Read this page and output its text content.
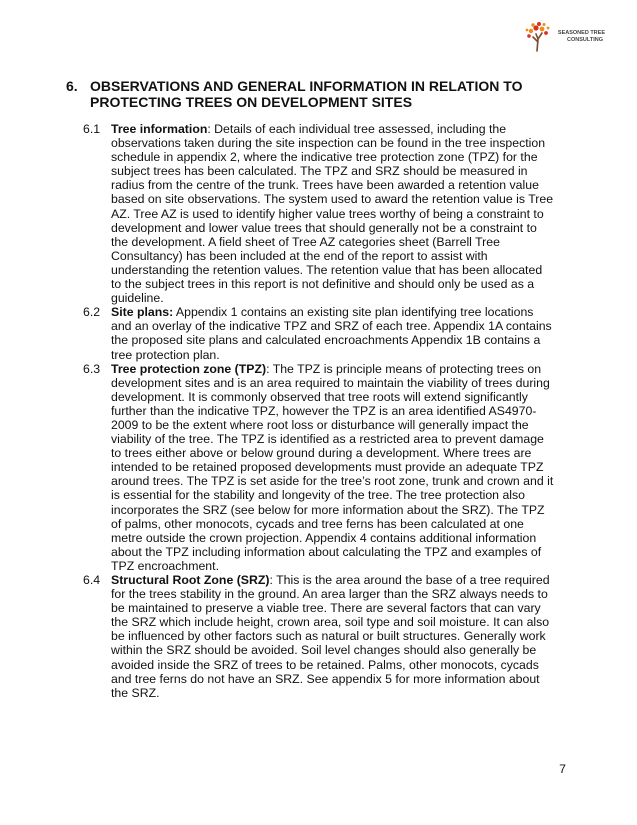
SEASONED TREE
CONSULTING
6. OBSERVATIONS AND GENERAL INFORMATION IN RELATION TO
PROTECTING TREES ON DEVELOPMENT SITES
6.1 Tree information: Details of each individual tree assessed, including the
observations taken during the site inspection can be found in the tree inspection
schedule in appendix 2, where the indicative tree protection zone (TPZ) for the
subject trees has been calculated. The TPZ and SRZ should be measured in
radius from the centre of the trunk. Trees have been awarded a retention value
based on site observations. The system used to award the retention value is Tree
AZ. Tree AZ is used to identify higher value trees worthy of being a constraint to
development and lower value trees that should generally not be a constraint to
the development. A field sheet of Tree AZ categories sheet (Barrell Tree
Consultancy) has been included at the end of the report to assist with
understanding the retention values. The retention value that has been allocated
to the subject trees in this report is not definitive and should only be used as a
guideline.
6.2 Site plans: Appendix 1 contains an existing site plan identifying tree locations
and an overlay of the indicative TPZ and SRZ of each tree. Appendix 1A contains
the proposed site plans and calculated encroachments Appendix 1B contains a
tree protection plan.
6.3 Tree protection zone (TPZ): The TPZ is principle means of protecting trees on
development sites and is an area required to maintain the viability of trees during
development. It is commonly observed that tree roots will extend significantly
further than the indicative TPZ, however the TPZ is an area identified AS4970-
2009 to be the extent where root loss or disturbance will generally impact the
viability of the tree. The TPZ is identified as a restricted area to prevent damage
to trees either above or below ground during a development. Where trees are
intended to be retained proposed developments must provide an adequate TPZ
around trees. The TPZ is set aside for the tree’s root zone, trunk and crown and it
is essential for the stability and longevity of the tree. The tree protection also
incorporates the SRZ (see below for more information about the SRZ). The TPZ
of palms, other monocots, cycads and tree ferns has been calculated at one
metre outside the crown projection. Appendix 4 contains additional information
about the TPZ including information about calculating the TPZ and examples of
TPZ encroachment.
6.4 Structural Root Zone (SRZ): This is the area around the base of a tree required
for the trees stability in the ground. An area larger than the SRZ always needs to
be maintained to preserve a viable tree. There are several factors that can vary
the SRZ which include height, crown area, soil type and soil moisture. It can also
be influenced by other factors such as natural or built structures. Generally work
within the SRZ should be avoided. Soil level changes should also generally be
avoided inside the SRZ of trees to be retained. Palms, other monocots, cycads
and tree ferns do not have an SRZ. See appendix 5 for more information about
the SRZ.
7
